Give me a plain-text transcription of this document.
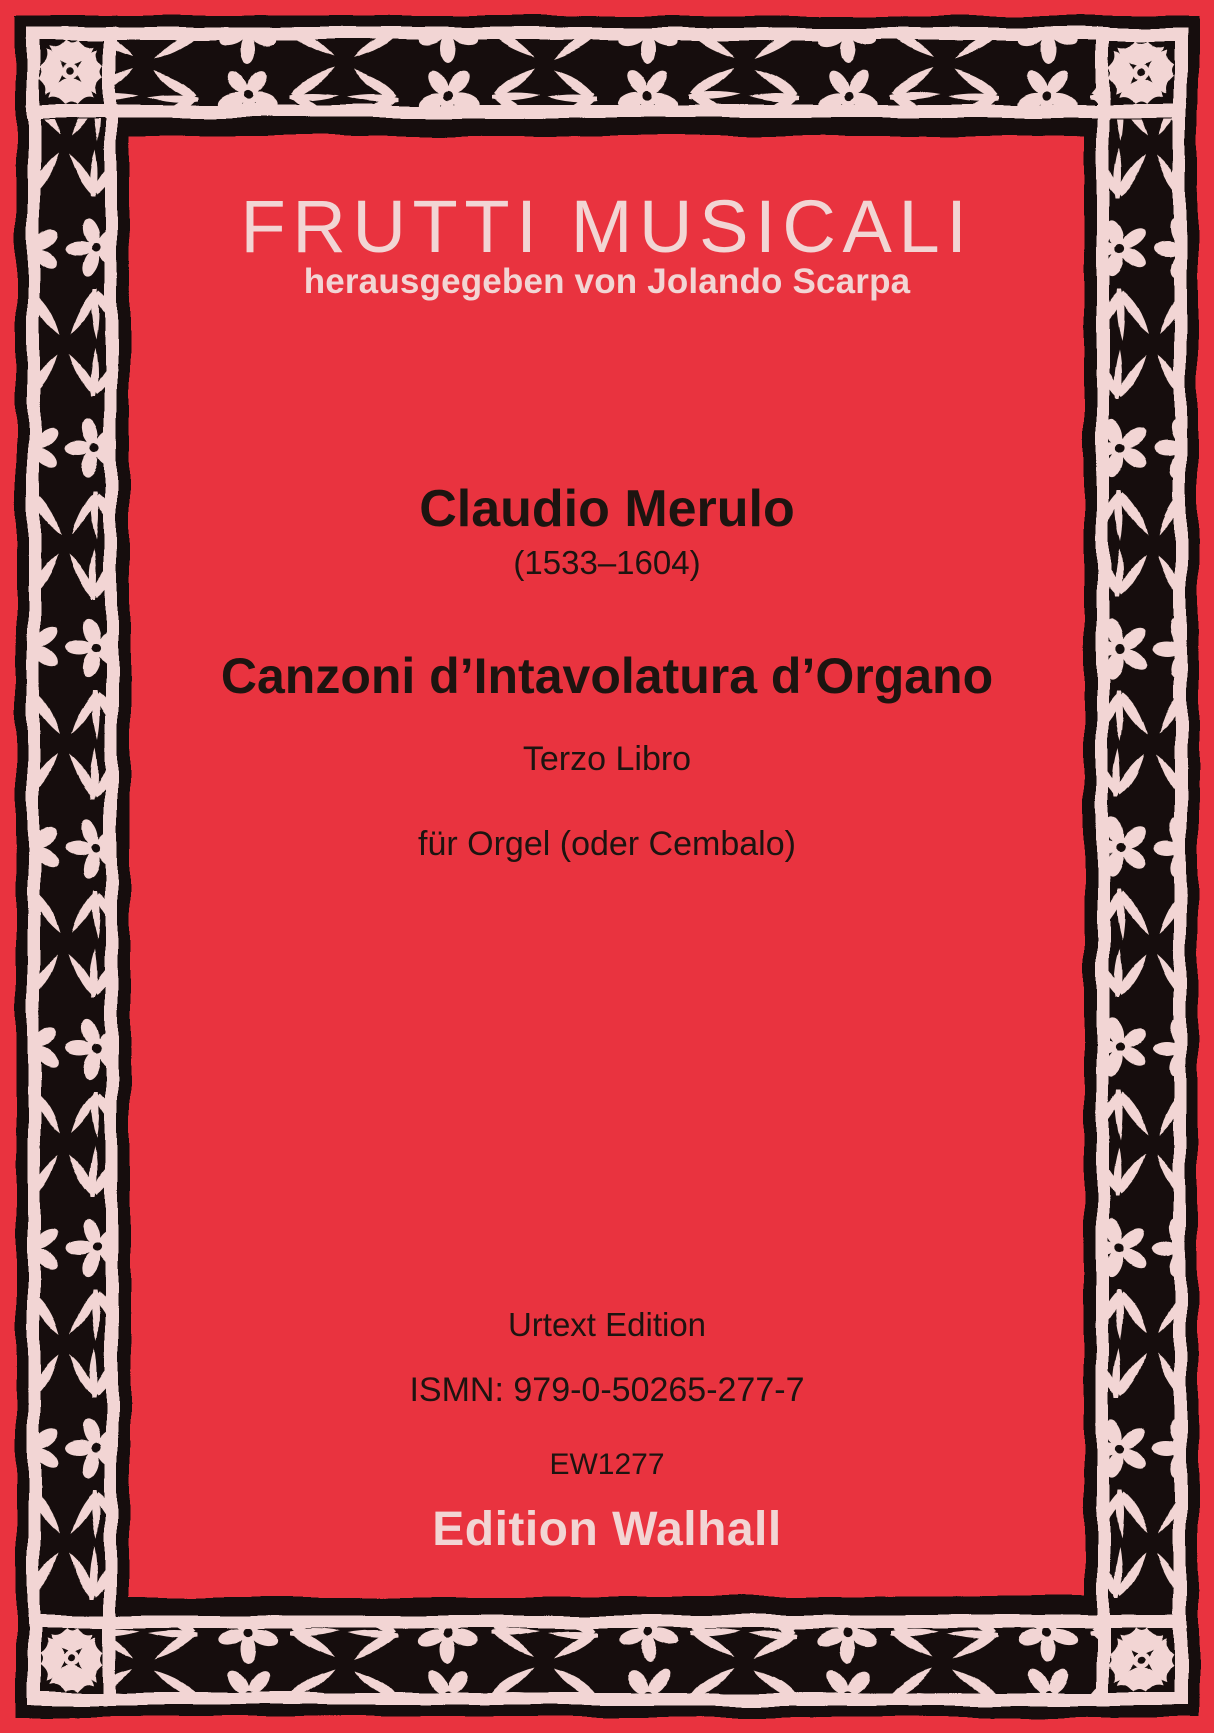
FRUTTI MUSICALI
herausgegeben von Jolando Scarpa
Claudio Merulo
(1533–1604)
Canzoni d’Intavolatura d’Organo
Terzo Libro
für Orgel (oder Cembalo)
Urtext Edition
ISMN: 979-0-50265-277-7
EW1277
Edition Walhall
